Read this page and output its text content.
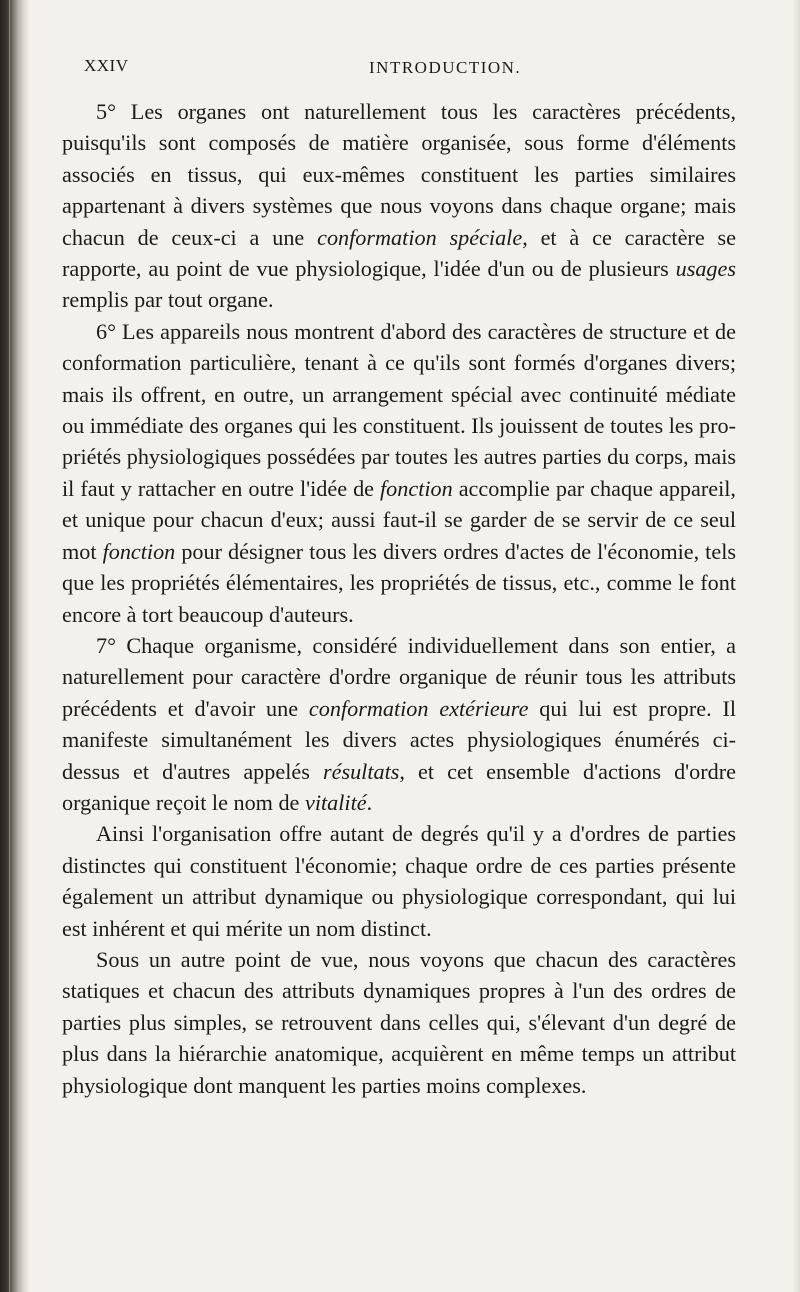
XXIV	INTRODUCTION.

5° Les organes ont naturellement tous les caractères précédents, puisqu'ils sont composés de matière organisée, sous forme d'éléments associés en tissus, qui eux-mêmes constituent les parties similaires appartenant à divers systèmes que nous voyons dans chaque organe; mais chacun de ceux-ci a une conformation spéciale, et à ce caractère se rapporte, au point de vue physiologique, l'idée d'un ou de plusieurs usages remplis par tout organe.

6° Les appareils nous montrent d'abord des caractères de structure et de conformation particulière, tenant à ce qu'ils sont formés d'organes divers; mais ils offrent, en outre, un arrangement spécial avec continuité médiate ou immédiate des organes qui les constituent. Ils jouissent de toutes les propriétés physiologiques possédées par toutes les autres parties du corps, mais il faut y rattacher en outre l'idée de fonction accomplie par chaque appareil, et unique pour chacun d'eux; aussi faut-il se garder de se servir de ce seul mot fonction pour désigner tous les divers ordres d'actes de l'économie, tels que les propriétés élémentaires, les propriétés de tissus, etc., comme le font encore à tort beaucoup d'auteurs.

7° Chaque organisme, considéré individuellement dans son entier, a naturellement pour caractère d'ordre organique de réunir tous les attributs précédents et d'avoir une conformation extérieure qui lui est propre. Il manifeste simultanément les divers actes physiologiques énumérés ci-dessus et d'autres appelés résultats, et cet ensemble d'actions d'ordre organique reçoit le nom de vitalité.

Ainsi l'organisation offre autant de degrés qu'il y a d'ordres de parties distinctes qui constituent l'économie; chaque ordre de ces parties présente également un attribut dynamique ou physiologique correspondant, qui lui est inhérent et qui mérite un nom distinct.

Sous un autre point de vue, nous voyons que chacun des caractères statiques et chacun des attributs dynamiques propres à l'un des ordres de parties plus simples, se retrouvent dans celles qui, s'élevant d'un degré de plus dans la hiérarchie anatomique, acquièrent en même temps un attribut physiologique dont manquent les parties moins complexes.
